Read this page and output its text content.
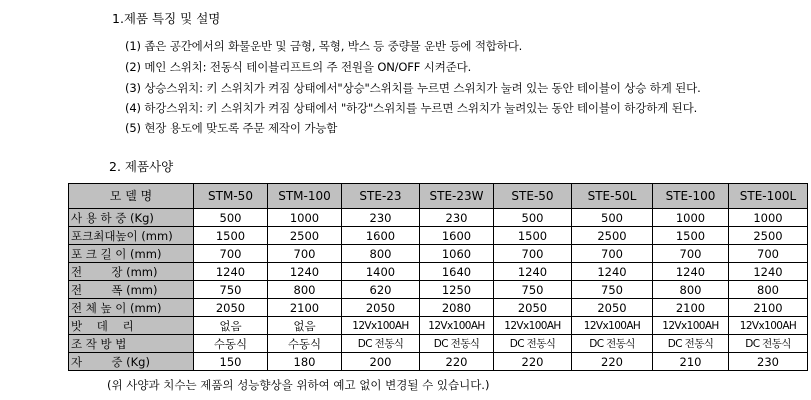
1.제품 특징 및 설명
(1) 좁은 공간에서의 화물운반 및 금형, 목형, 박스 등 중량물 운반 등에 적합하다.
(2) 메인 스위치: 전동식 테이블리프트의 주 전원을 ON/OFF 시켜준다.
(3) 상승스위치: 키 스위치가 켜짐 상태에서"상승"스위치를 누르면 스위치가 눌려 있는 동안 테이블이 상승 하게 된다.
(4) 하강스위치: 키 스위치가 켜짐 상태에서 "하강"스위치를 누르면 스위치가 눌려있는 동안 테이블이 하강하게 된다.
(5) 현장 용도에 맞도록 주문 제작이 가능함
2. 제품사양
모 델 명	STM-50	STM-100	STE-23	STE-23W	STE-50	STE-50L	STE-100	STE-100L
사 용 하 중 (Kg)	500	1000	230	230	500	500	1000	1000
포크최대높이 (mm)	1500	2500	1600	1600	1500	2500	1500	2500
포 크 길 이 (mm)	700	700	800	1060	700	700	700	700
전        장 (mm)	1240	1240	1400	1640	1240	1240	1240	1240
전        폭 (mm)	750	800	620	1250	750	750	800	800
전 체 높 이 (mm)	2050	2100	2050	2080	2050	2050	2100	2100
밧    데    리	없음	없음	12Vx100AH	12Vx100AH	12Vx100AH	12Vx100AH	12Vx100AH	12Vx100AH
조 작 방 법	수동식	수동식	DC 전동식	DC 전동식	DC 전동식	DC 전동식	DC 전동식	DC 전동식
자        중 (Kg)	150	180	200	220	220	220	210	230
(위 사양과 치수는 제품의 성능향상을 위하여 예고 없이 변경될 수 있습니다.)
